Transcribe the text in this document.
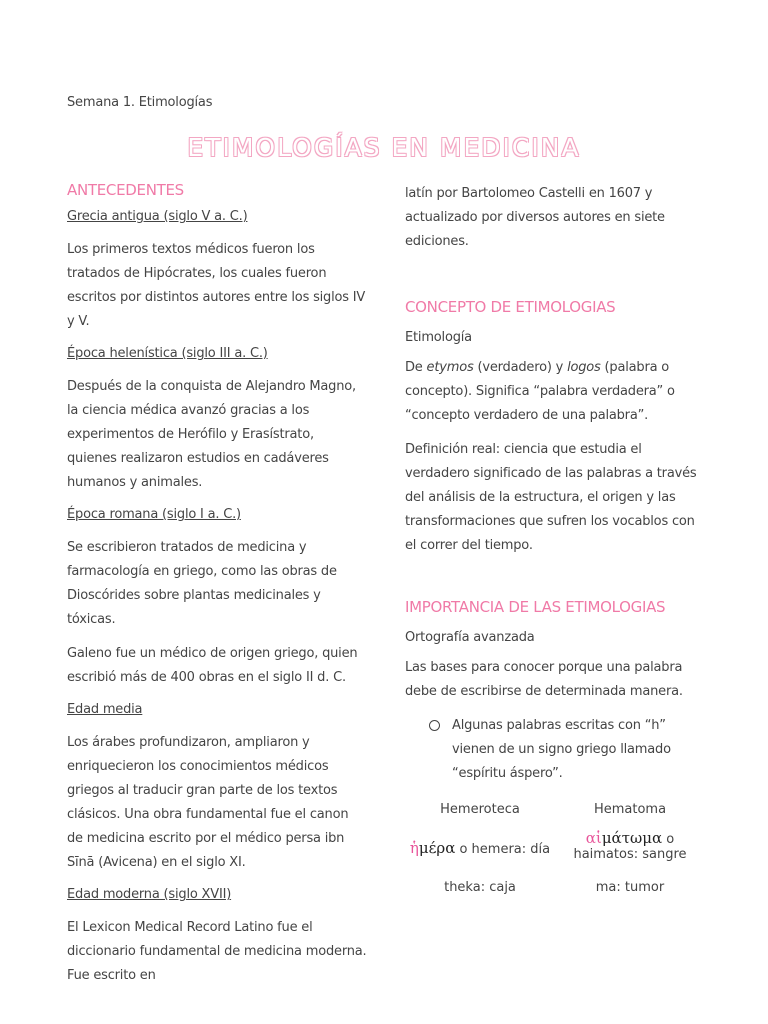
Semana 1. Etimologías
ETIMOLOGÍAS EN MEDICINA
ANTECEDENTES
Grecia antigua (siglo V a. C.)
Los primeros textos médicos fueron los tratados de Hipócrates, los cuales fueron escritos por distintos autores entre los siglos IV y V.
Época helenística (siglo III a. C.)
Después de la conquista de Alejandro Magno, la ciencia médica avanzó gracias a los experimentos de Herófilo y Erasístrato, quienes realizaron estudios en cadáveres humanos y animales.
Época romana (siglo I a. C.)
Se escribieron tratados de medicina y farmacología en griego, como las obras de Dioscórides sobre plantas medicinales y tóxicas.
Galeno fue un médico de origen griego, quien escribió más de 400 obras en el siglo II d. C.
Edad media
Los árabes profundizaron, ampliaron y enriquecieron los conocimientos médicos griegos al traducir gran parte de los textos clásicos. Una obra fundamental fue el canon de medicina escrito por el médico persa ibn Sīnā (Avicena) en el siglo XI.
Edad moderna (siglo XVII)
El Lexicon Medical Record Latino fue el diccionario fundamental de medicina moderna. Fue escrito en
latín por Bartolomeo Castelli en 1607 y actualizado por diversos autores en siete ediciones.
CONCEPTO DE ETIMOLOGIAS
Etimología
De etymos (verdadero) y logos (palabra o concepto). Significa “palabra verdadera” o “concepto verdadero de una palabra”.
Definición real: ciencia que estudia el verdadero significado de las palabras a través del análisis de la estructura, el origen y las transformaciones que sufren los vocablos con el correr del tiempo.
IMPORTANCIA DE LAS ETIMOLOGIAS
Ortografía avanzada
Las bases para conocer porque una palabra debe de escribirse de determinada manera.
Algunas palabras escritas con “h” vienen de un signo griego llamado “espíritu áspero”.
Hemeroteca	Hematoma
ἡμέρα o hemera: día
αἱμάτωμα o
haimatos: sangre
theka: caja	ma: tumor
